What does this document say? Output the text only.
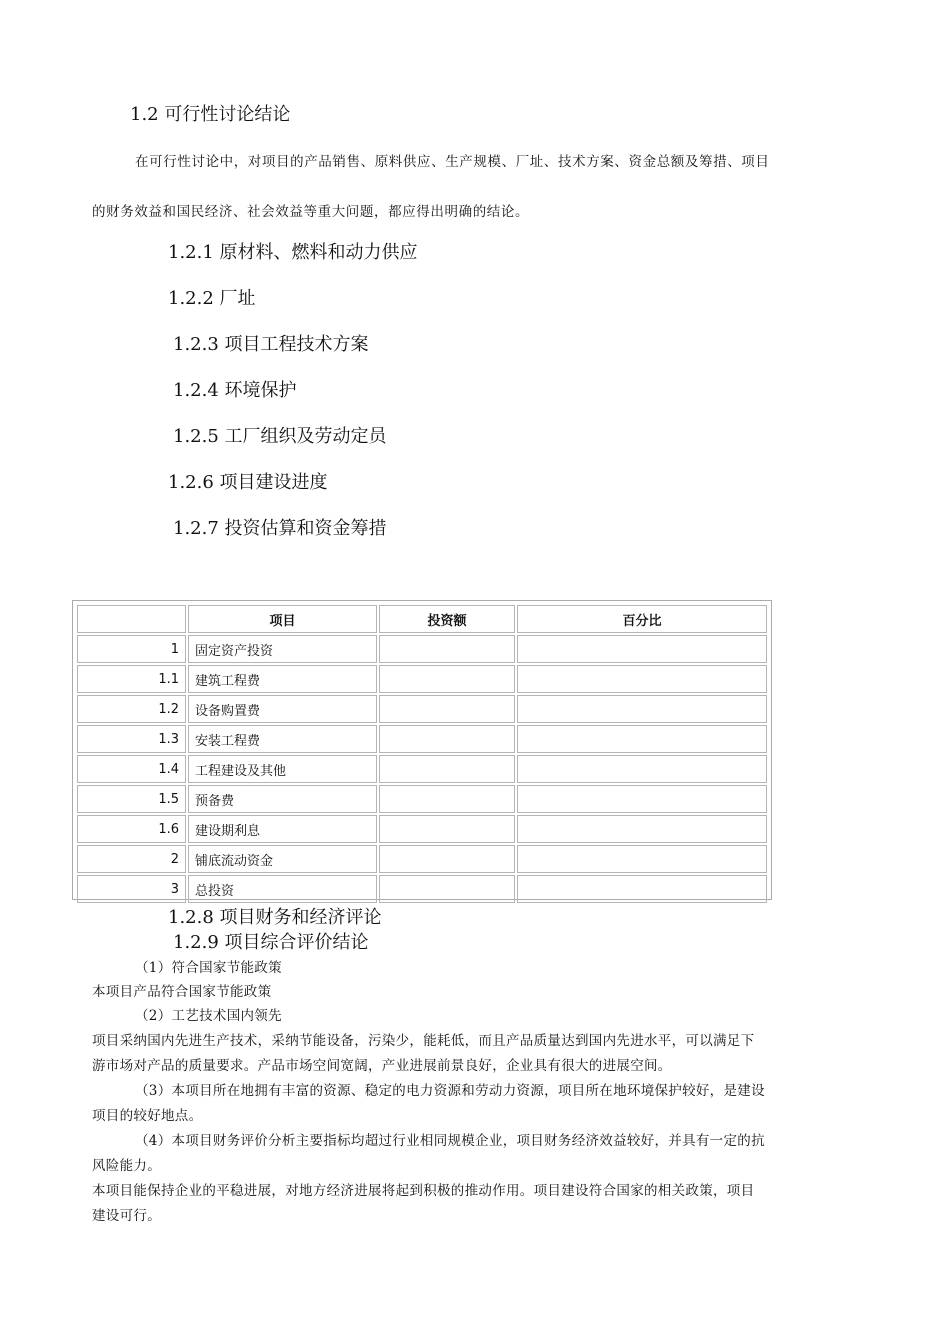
1.2 可行性讨论结论
在可行性讨论中，对项目的产品销售、原料供应、生产规模、厂址、技术方案、资金总额及筹措、项目
的财务效益和国民经济、社会效益等重大问题，都应得出明确的结论。
1.2.1 原材料、燃料和动力供应
1.2.2 厂址
1.2.3 项目工程技术方案
1.2.4 环境保护
1.2.5 工厂组织及劳动定员
1.2.6 项目建设进度
1.2.7 投资估算和资金筹措
	项目	投资额	百分比
1	固定资产投资		
1.1	建筑工程费		
1.2	设备购置费		
1.3	安装工程费		
1.4	工程建设及其他		
1.5	预备费		
1.6	建设期利息		
2	铺底流动资金		
3	总投资		
1.2.8 项目财务和经济评论
1.2.9 项目综合评价结论
（1）符合国家节能政策
本项目产品符合国家节能政策
（2）工艺技术国内领先
项目采纳国内先进生产技术，采纳节能设备，污染少，能耗低，而且产品质量达到国内先进水平，可以满足下
游市场对产品的质量要求。产品市场空间宽阔，产业进展前景良好，企业具有很大的进展空间。
（3）本项目所在地拥有丰富的资源、稳定的电力资源和劳动力资源，项目所在地环境保护较好，是建设
项目的较好地点。
（4）本项目财务评价分析主要指标均超过行业相同规模企业，项目财务经济效益较好，并具有一定的抗
风险能力。
本项目能保持企业的平稳进展，对地方经济进展将起到积极的推动作用。项目建设符合国家的相关政策，项目
建设可行。
